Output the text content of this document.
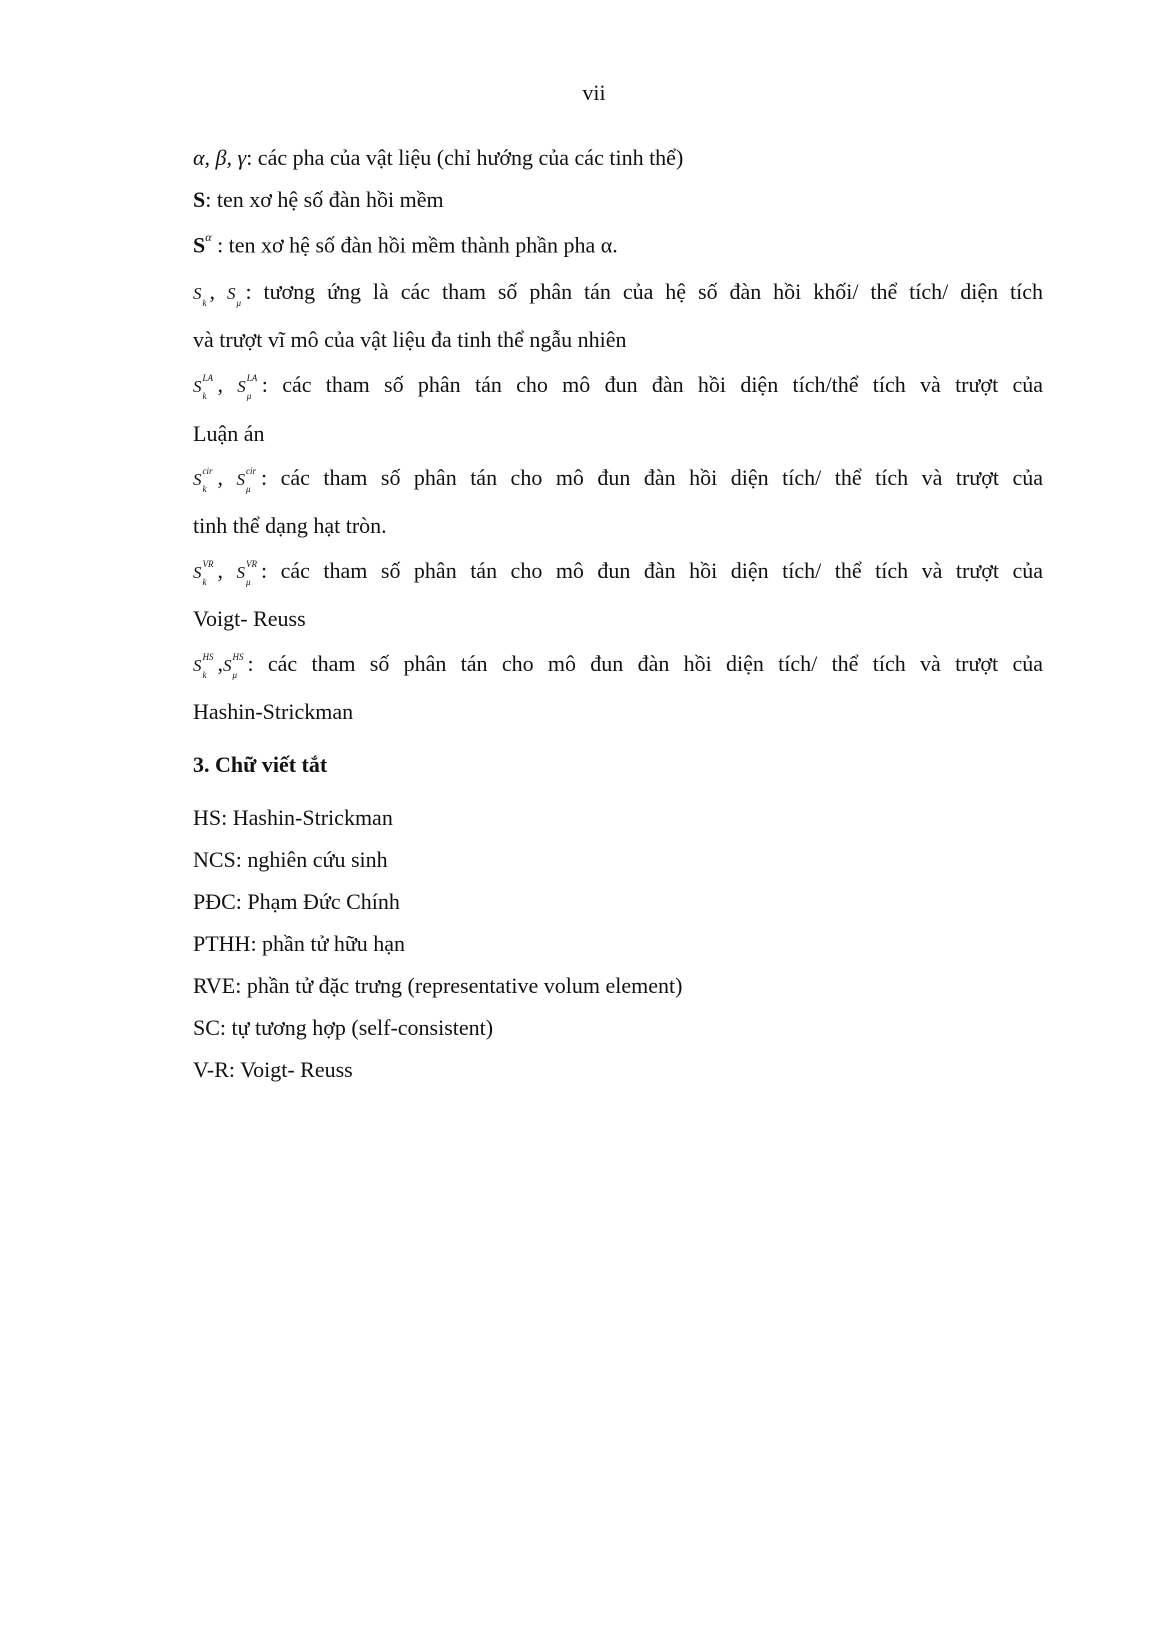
vii
α, β, γ: các pha của vật liệu (chỉ hướng của các tinh thể)
S: ten xơ hệ số đàn hồi mềm
$S^\alpha$ : ten xơ hệ số đàn hồi mềm thành phần pha α.
S k , S μ : tương ứng là các tham số phân tán của hệ số đàn hồi khối/ thể tích/ diện tích
và trượt vĩ mô của vật liệu đa tinh thể ngẫu nhiên
S LA
k , S LA
μ : các tham số phân tán cho mô đun đàn hồi diện tích/thể tích và trượt của
Luận án
S cir
k , S cir
μ : các tham số phân tán cho mô đun đàn hồi diện tích/ thể tích và trượt của
tinh thể dạng hạt tròn.
S VR
k , S VR
μ : các tham số phân tán cho mô đun đàn hồi diện tích/ thể tích và trượt của
Voigt- Reuss
S HS
k ,S HS
μ : các tham số phân tán cho mô đun đàn hồi diện tích/ thể tích và trượt của
Hashin-Strickman
3. Chữ viết tắt
HS: Hashin-Strickman
NCS: nghiên cứu sinh
PĐC: Phạm Đức Chính
PTHH: phần tử hữu hạn
RVE: phần tử đặc trưng (representative volum element)
SC: tự tương hợp (self-consistent)
V-R: Voigt- Reuss
